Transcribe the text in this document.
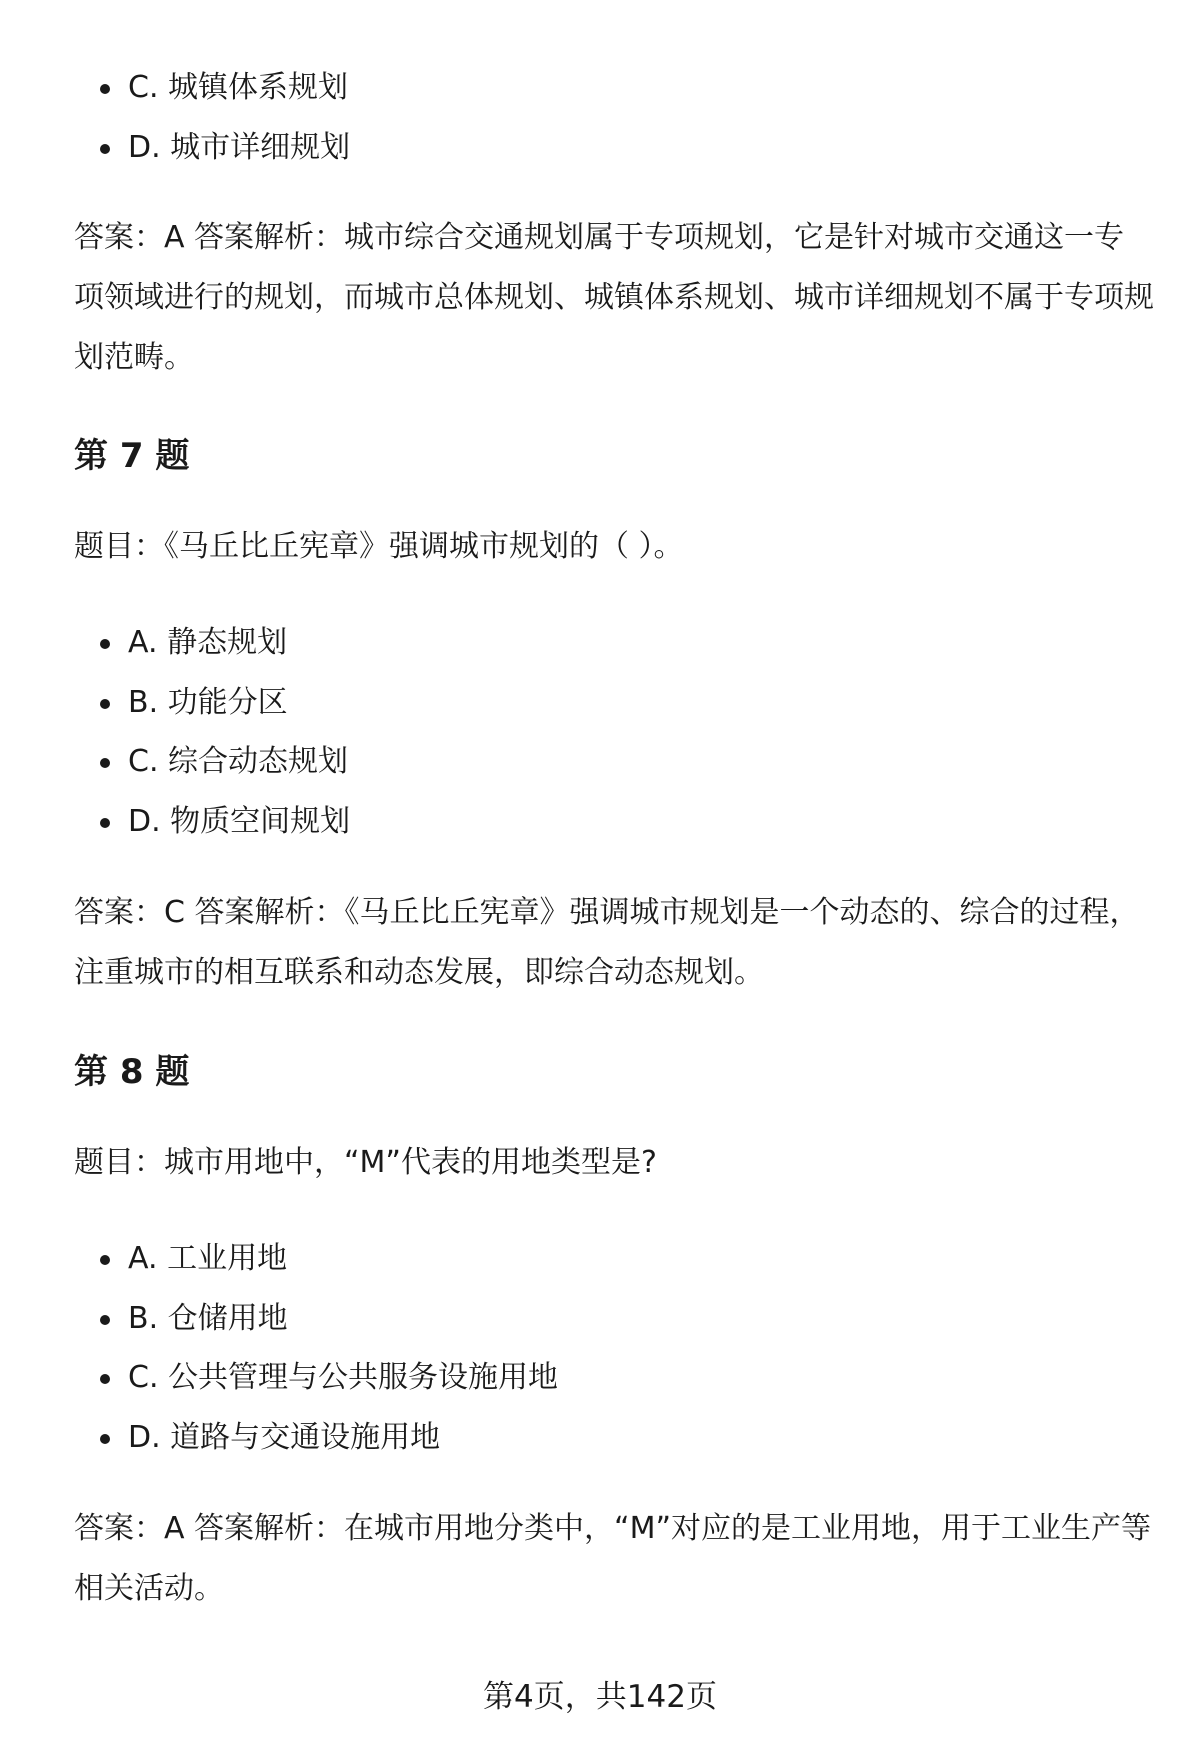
C. 城镇体系规划
D. 城市详细规划

答案：A 答案解析：城市综合交通规划属于专项规划，它是针对城市交通这一专项领域进行的规划，而城市总体规划、城镇体系规划、城市详细规划不属于专项规划范畴。

第 7 题

题目：《马丘比丘宪章》强调城市规划的（ ）。

A. 静态规划
B. 功能分区
C. 综合动态规划
D. 物质空间规划

答案：C 答案解析：《马丘比丘宪章》强调城市规划是一个动态的、综合的过程，注重城市的相互联系和动态发展，即综合动态规划。

第 8 题

题目：城市用地中，“M”代表的用地类型是?

A. 工业用地
B. 仓储用地
C. 公共管理与公共服务设施用地
D. 道路与交通设施用地

答案：A 答案解析：在城市用地分类中，“M”对应的是工业用地，用于工业生产等相关活动。

第4页，共142页
